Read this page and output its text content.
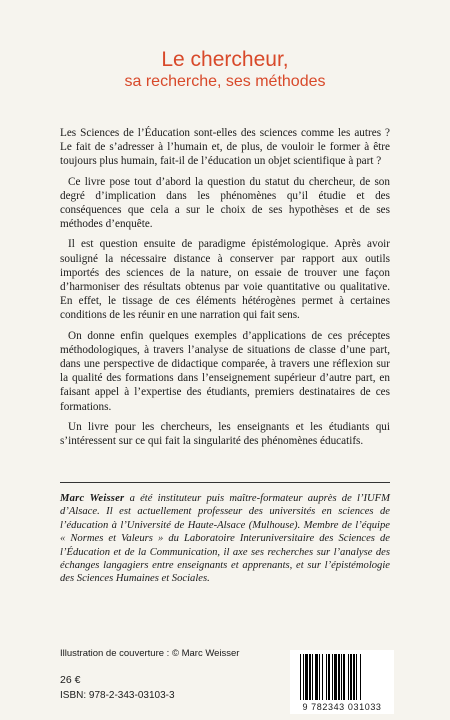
Le chercheur,
sa recherche, ses méthodes

Les Sciences de l’Éducation sont-elles des sciences comme les autres ? Le fait de s’adresser à l’humain et, de plus, de vouloir le former à être toujours plus humain, fait-il de l’éducation un objet scientifique à part ?

Ce livre pose tout d’abord la question du statut du chercheur, de son degré d’implication dans les phénomènes qu’il étudie et des conséquences que cela a sur le choix de ses hypothèses et de ses méthodes d’enquête.

Il est question ensuite de paradigme épistémologique. Après avoir souligné la nécessaire distance à conserver par rapport aux outils importés des sciences de la nature, on essaie de trouver une façon d’harmoniser des résultats obtenus par voie quantitative ou qualitative. En effet, le tissage de ces éléments hétérogènes permet à certaines conditions de les réunir en une narration qui fait sens.

On donne enfin quelques exemples d’applications de ces préceptes méthodologiques, à travers l’analyse de situations de classe d’une part, dans une perspective de didactique comparée, à travers une réflexion sur la qualité des formations dans l’enseignement supérieur d’autre part, en faisant appel à l’expertise des étudiants, premiers destinataires de ces formations.

Un livre pour les chercheurs, les enseignants et les étudiants qui s’intéressent sur ce qui fait la singularité des phénomènes éducatifs.

Marc Weisser a été instituteur puis maître-formateur auprès de l’IUFM d’Alsace. Il est actuellement professeur des universités en sciences de l’éducation à l’Université de Haute-Alsace (Mulhouse). Membre de l’équipe « Normes et Valeurs » du Laboratoire Interuniversitaire des Sciences de l’Éducation et de la Communication, il axe ses recherches sur l’analyse des échanges langagiers entre enseignants et apprenants, et sur l’épistémologie des Sciences Humaines et Sociales.
Illustration de couverture : © Marc Weisser
26 €
ISBN: 978-2-343-03103-3
9 782343 031033
